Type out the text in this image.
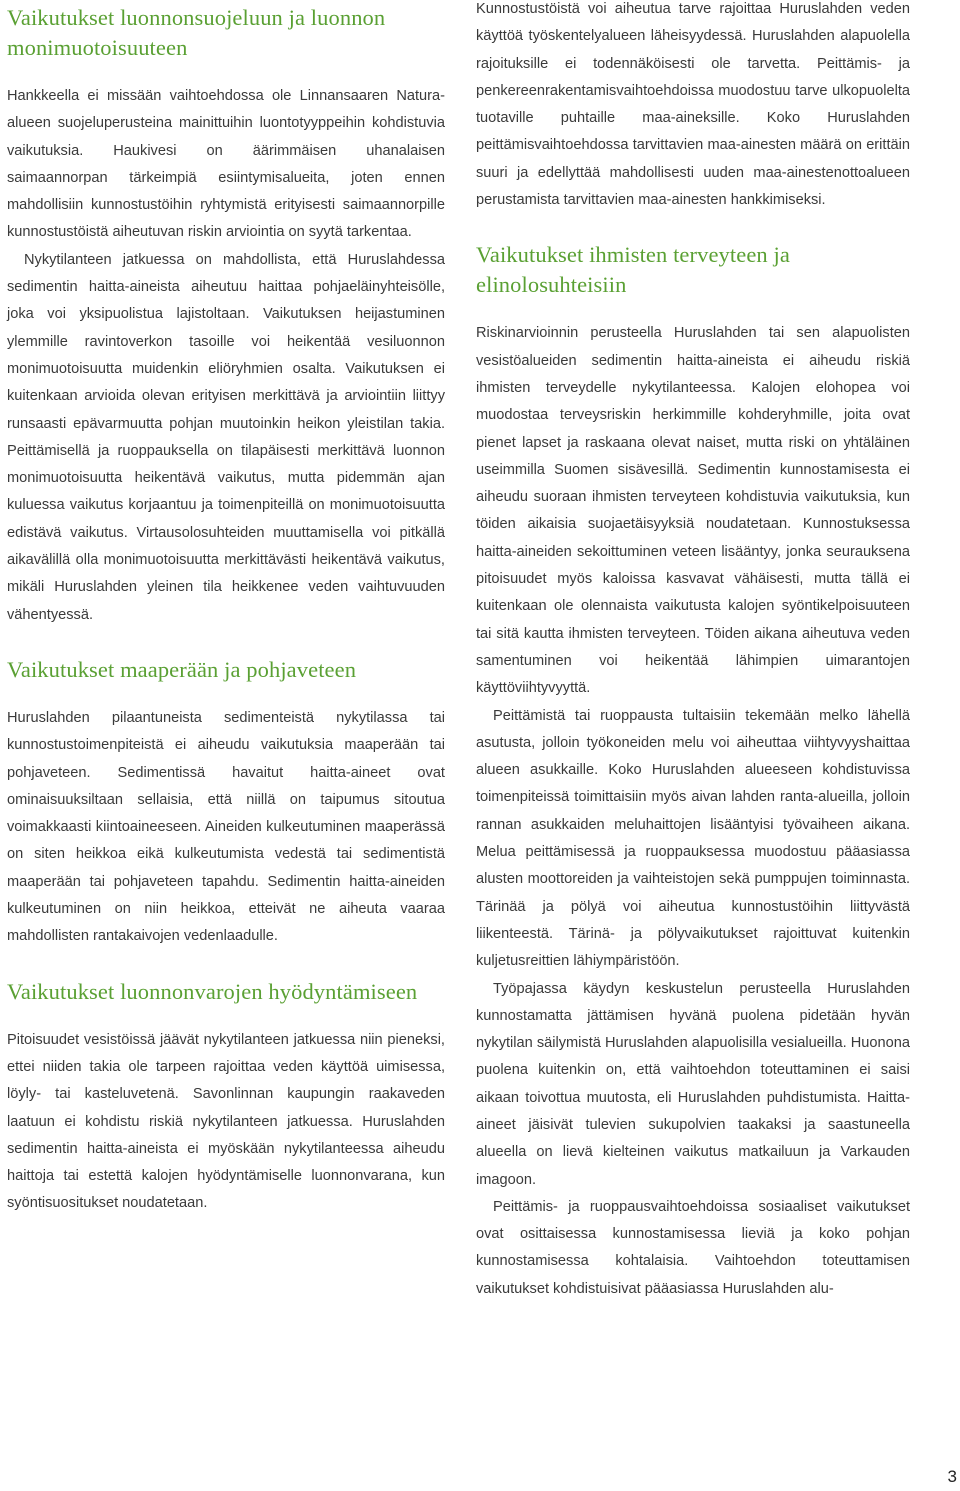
Vaikutukset luonnonsuojeluun ja luonnon monimuotoisuuteen

Hankkeella ei missään vaihtoehdossa ole Linnansaaren Natura-alueen suojeluperusteina mainittuihin luontotyyppeihin kohdistuvia vaikutuksia. Haukivesi on äärimmäisen uhanalaisen saimaannorpan tärkeimpiä esiintymisalueita, joten ennen mahdollisiin kunnostustöihin ryhtymistä erityisesti saimaannorpille kunnostustöistä aiheutuvan riskin arviointia on syytä tarkentaa.

Nykytilanteen jatkuessa on mahdollista, että Huruslahdessa sedimentin haitta-aineista aiheutuu haittaa pohjaeläinyhteisölle, joka voi yksipuolistua lajistoltaan. Vaikutuksen heijastuminen ylemmille ravintoverkon tasoille voi heikentää vesiluonnon monimuotoisuutta muidenkin eliöryhmien osalta. Vaikutuksen ei kuitenkaan arvioida olevan erityisen merkittävä ja arviointiin liittyy runsaasti epävarmuutta pohjan muutoinkin heikon yleistilan takia. Peittämisellä ja ruoppauksella on tilapäisesti merkittävä luonnon monimuotoisuutta heikentävä vaikutus, mutta pidemmän ajan kuluessa vaikutus korjaantuu ja toimenpiteillä on monimuotoisuutta edistävä vaikutus. Virtausolosuhteiden muuttamisella voi pitkällä aikavälillä olla monimuotoisuutta merkittävästi heikentävä vaikutus, mikäli Huruslahden yleinen tila heikkenee veden vaihtuvuuden vähentyessä.

Vaikutukset maaperään ja pohjaveteen

Huruslahden pilaantuneista sedimenteistä nykytilassa tai kunnostustoimenpiteistä ei aiheudu vaikutuksia maaperään tai pohjaveteen. Sedimentissä havaitut haitta-aineet ovat ominaisuuksiltaan sellaisia, että niillä on taipumus sitoutua voimakkaasti kiintoaineeseen. Aineiden kulkeutuminen maaperässä on siten heikkoa eikä kulkeutumista vedestä tai sedimentistä maaperään tai pohjaveteen tapahdu. Sedimentin haitta-aineiden kulkeutuminen on niin heikkoa, etteivät ne aiheuta vaaraa mahdollisten rantakaivojen vedenlaadulle.

Vaikutukset luonnonvarojen hyödyntämiseen

Pitoisuudet vesistöissä jäävät nykytilanteen jatkuessa niin pieneksi, ettei niiden takia ole tarpeen rajoittaa veden käyttöä uimisessa, löyly- tai kasteluvetenä. Savonlinnan kaupungin raakaveden laatuun ei kohdistu riskiä nykytilanteen jatkuessa. Huruslahden sedimentin haitta-aineista ei myöskään nykytilanteessa aiheudu haittoja tai estettä kalojen hyödyntämiselle luonnonvarana, kun syöntisuositukset noudatetaan.

Kunnostustöistä voi aiheutua tarve rajoittaa Huruslahden veden käyttöä työskentelyalueen läheisyydessä. Huruslahden alapuolella rajoituksille ei todennäköisesti ole tarvetta. Peittämis- ja penkereenrakentamisvaihtoehdoissa muodostuu tarve ulkopuolelta tuotaville puhtaille maa-aineksille. Koko Huruslahden peittämisvaihtoehdossa tarvittavien maa-ainesten määrä on erittäin suuri ja edellyttää mahdollisesti uuden maa-ainestenottoalueen perustamista tarvittavien maa-ainesten hankkimiseksi.

Vaikutukset ihmisten terveyteen ja elinolosuhteisiin

Riskinarvioinnin perusteella Huruslahden tai sen alapuolisten vesistöalueiden sedimentin haitta-aineista ei aiheudu riskiä ihmisten terveydelle nykytilanteessa. Kalojen elohopea voi muodostaa terveysriskin herkimmille kohderyhmille, joita ovat pienet lapset ja raskaana olevat naiset, mutta riski on yhtäläinen useimmilla Suomen sisävesillä. Sedimentin kunnostamisesta ei aiheudu suoraan ihmisten terveyteen kohdistuvia vaikutuksia, kun töiden aikaisia suojaetäisyyksiä noudatetaan. Kunnostuksessa haitta-aineiden sekoittuminen veteen lisääntyy, jonka seurauksena pitoisuudet myös kaloissa kasvavat vähäisesti, mutta tällä ei kuitenkaan ole olennaista vaikutusta kalojen syöntikelpoisuuteen tai sitä kautta ihmisten terveyteen. Töiden aikana aiheutuva veden samentuminen voi heikentää lähimpien uimarantojen käyttöviihtyvyyttä.

Peittämistä tai ruoppausta tultaisiin tekemään melko lähellä asutusta, jolloin työkoneiden melu voi aiheuttaa viihtyvyyshaittaa alueen asukkaille. Koko Huruslahden alueeseen kohdistuvissa toimenpiteissä toimittaisiin myös aivan lahden ranta-alueilla, jolloin rannan asukkaiden meluhaittojen lisääntyisi työvaiheen aikana. Melua peittämisessä ja ruoppauksessa muodostuu pääasiassa alusten moottoreiden ja vaihteistojen sekä pumppujen toiminnasta. Tärinää ja pölyä voi aiheutua kunnostustöihin liittyvästä liikenteestä. Tärinä- ja pölyvaikutukset rajoittuvat kuitenkin kuljetusreittien lähiympäristöön.

Työpajassa käydyn keskustelun perusteella Huruslahden kunnostamatta jättämisen hyvänä puolena pidetään hyvän nykytilan säilymistä Huruslahden alapuolisilla vesialueilla. Huonona puolena kuitenkin on, että vaihtoehdon toteuttaminen ei saisi aikaan toivottua muutosta, eli Huruslahden puhdistumista. Haitta-aineet jäisivät tulevien sukupolvien taakaksi ja saastuneella alueella on lievä kielteinen vaikutus matkailuun ja Varkauden imagoon.

Peittämis- ja ruoppausvaihtoehdoissa sosiaaliset vaikutukset ovat osittaisessa kunnostamisessa lieviä ja koko pohjan kunnostamisessa kohtalaisia. Vaihtoehdon toteuttamisen vaikutukset kohdistuisivat pääasiassa Huruslahden alu-

3
